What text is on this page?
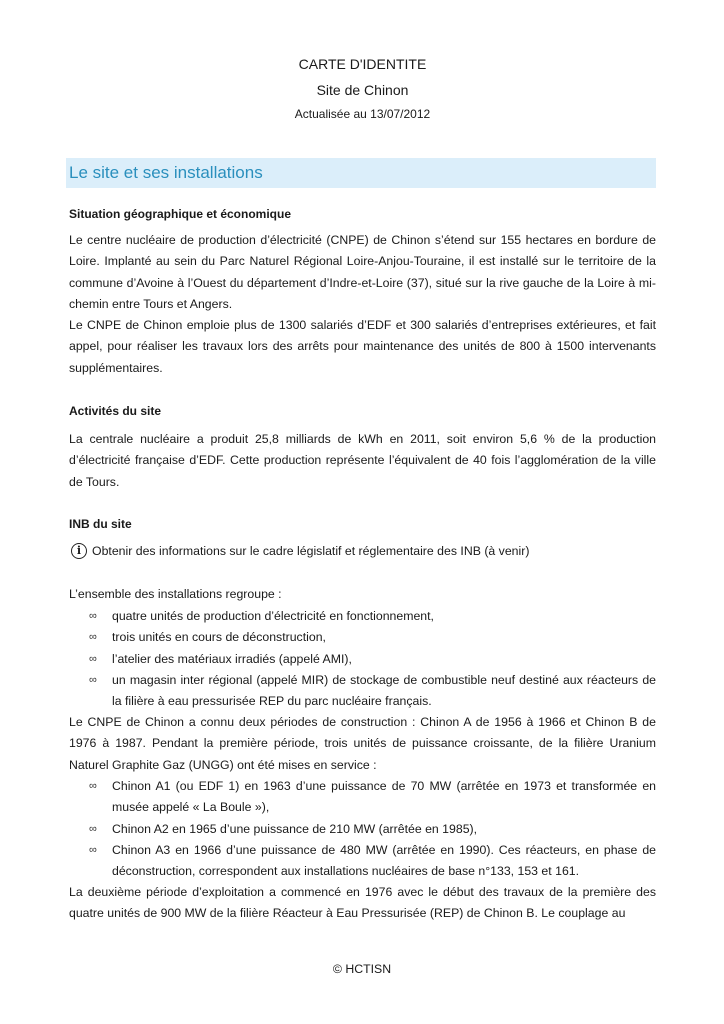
CARTE D'IDENTITE
Site de Chinon
Actualisée au 13/07/2012
Le site et ses installations
Situation géographique et économique

Le centre nucléaire de production d’électricité (CNPE) de Chinon s’étend sur 155 hectares en bordure de Loire. Implanté au sein du Parc Naturel Régional Loire-Anjou-Touraine, il est installé sur le territoire de la commune d’Avoine à l’Ouest du département d’Indre-et-Loire (37), situé sur la rive gauche de la Loire à mi-chemin entre Tours et Angers.

Le CNPE de Chinon emploie plus de 1300 salariés d’EDF et 300 salariés d’entreprises extérieures, et fait appel, pour réaliser les travaux lors des arrêts pour maintenance des unités de 800 à 1500 intervenants supplémentaires.

Activités du site

La centrale nucléaire a produit 25,8 milliards de kWh en 2011, soit environ 5,6 % de la production d’électricité française d’EDF. Cette production représente l’équivalent de 40 fois l’agglomération de la ville de Tours.

INB du site
i Obtenir des informations sur le cadre législatif et réglementaire des INB (à venir)

L’ensemble des installations regroupe :

∞ quatre unités de production d’électricité en fonctionnement,
∞ trois unités en cours de déconstruction,
∞ l’atelier des matériaux irradiés (appelé AMI),
∞ un magasin inter régional (appelé MIR) de stockage de combustible neuf destiné aux réacteurs de la filière à eau pressurisée REP du parc nucléaire français.

Le CNPE de Chinon a connu deux périodes de construction : Chinon A de 1956 à 1966 et Chinon B de 1976 à 1987. Pendant la première période, trois unités de puissance croissante, de la filière Uranium Naturel Graphite Gaz (UNGG) ont été mises en service :

∞ Chinon A1 (ou EDF 1) en 1963 d’une puissance de 70 MW (arrêtée en 1973 et transformée en musée appelé « La Boule »),
∞ Chinon A2 en 1965 d’une puissance de 210 MW (arrêtée en 1985),
∞ Chinon A3 en 1966 d’une puissance de 480 MW (arrêtée en 1990). Ces réacteurs, en phase de déconstruction, correspondent aux installations nucléaires de base n°133, 153 et 161.

La deuxième période d’exploitation a commencé en 1976 avec le début des travaux de la première des quatre unités de 900 MW de la filière Réacteur à Eau Pressurisée (REP) de Chinon B. Le couplage au

© HCTISN
